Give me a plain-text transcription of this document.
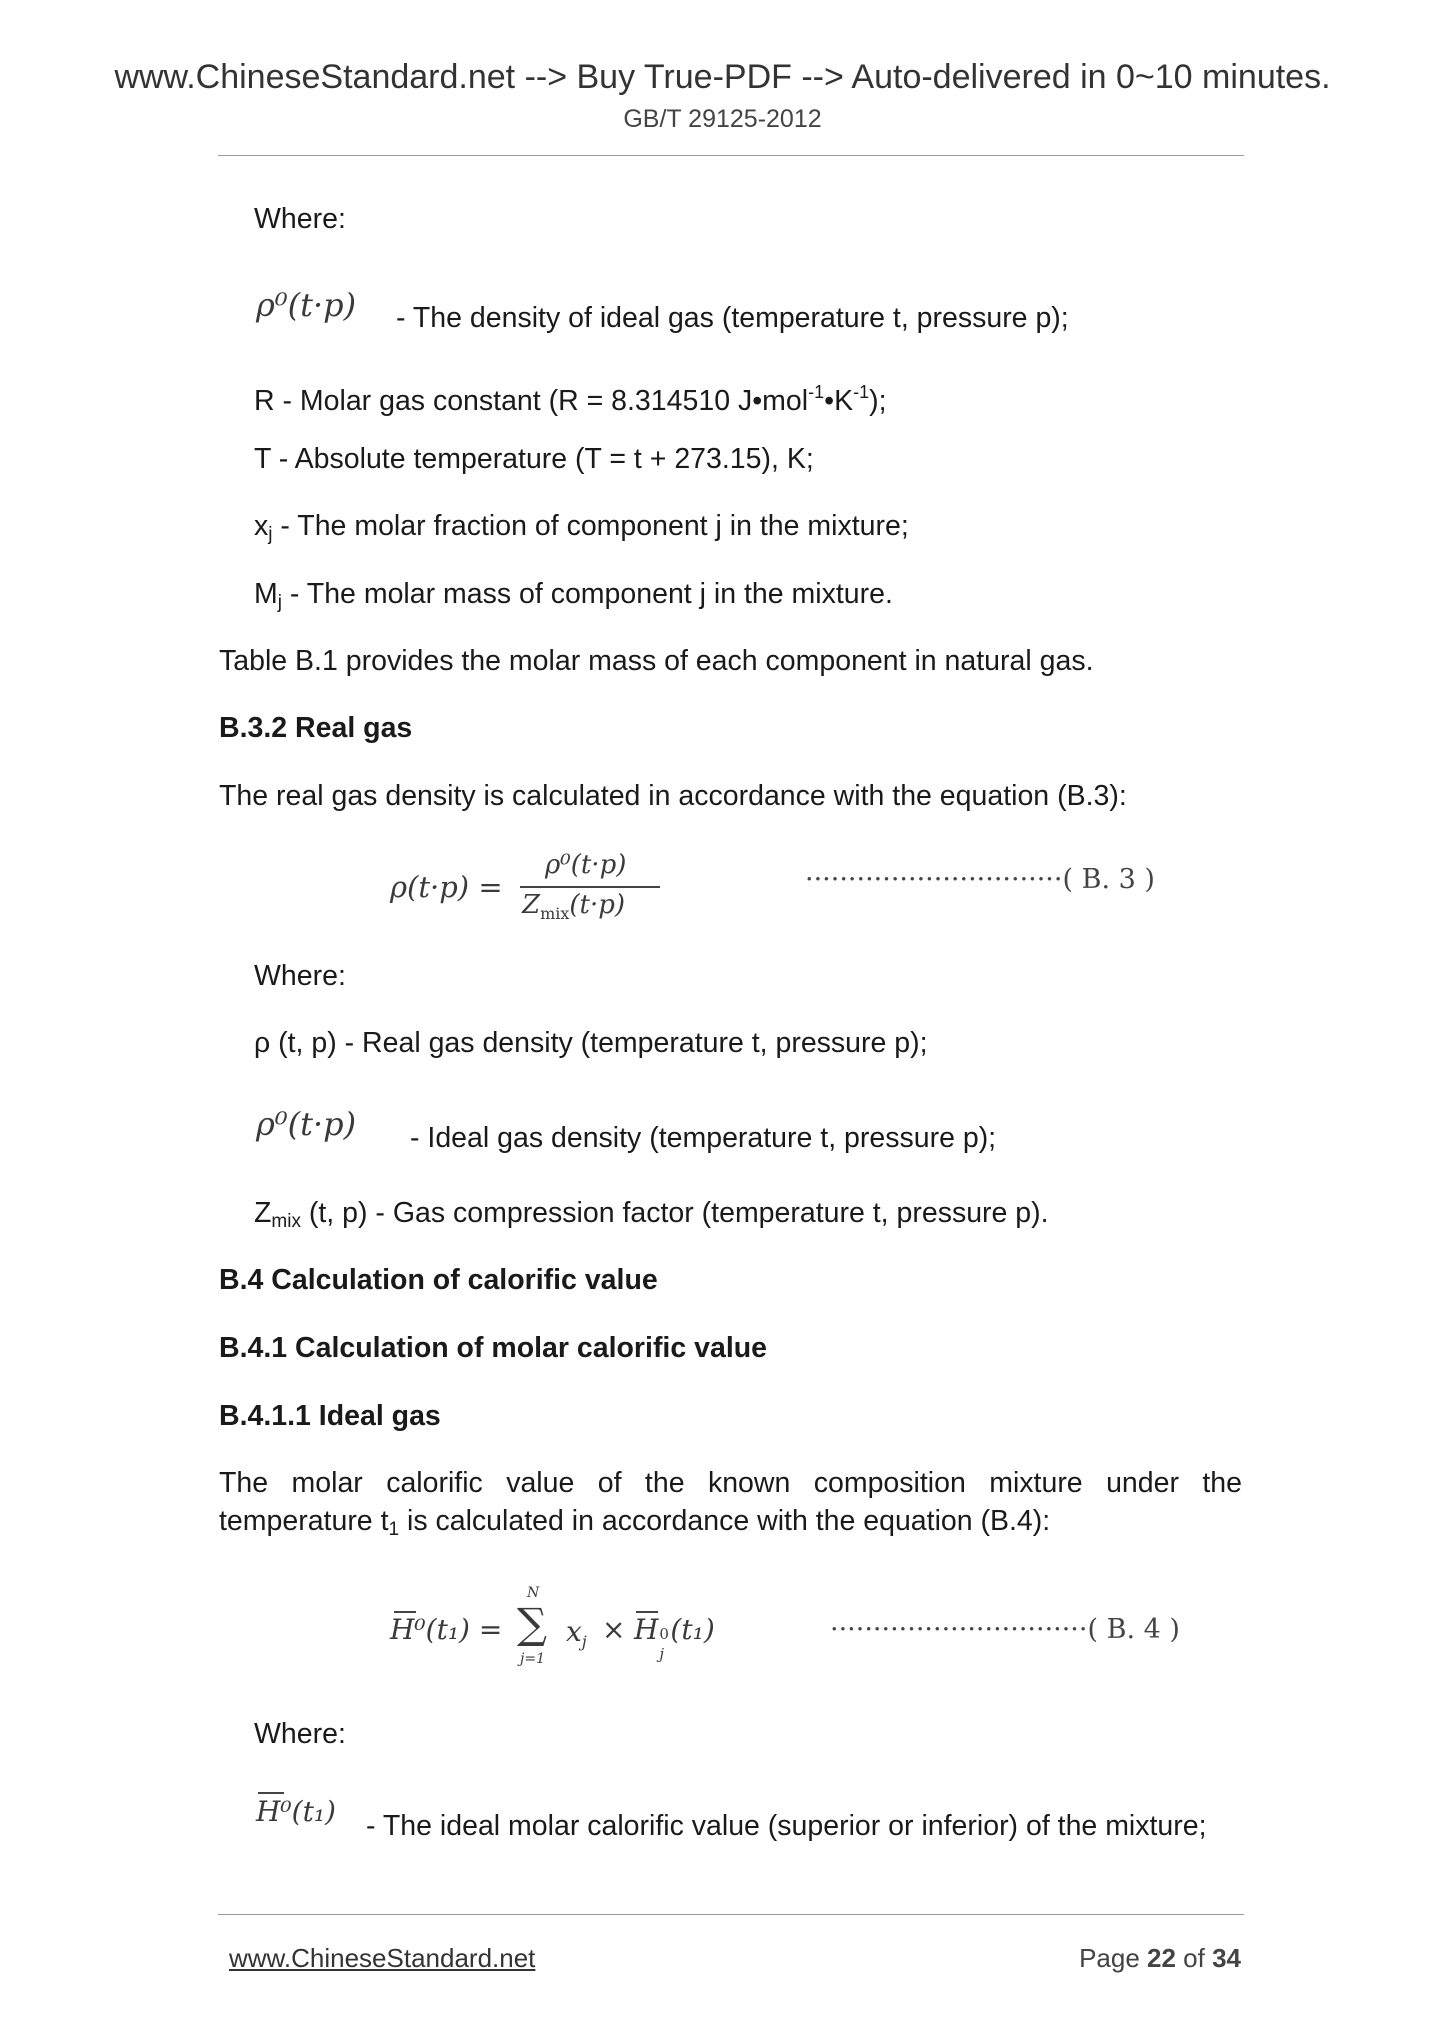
www.ChineseStandard.net --> Buy True-PDF --> Auto-delivered in 0~10 minutes.
GB/T 29125-2012
Where:
ρ⁰(t·p) - The density of ideal gas (temperature t, pressure p);
R - Molar gas constant (R = 8.314510 $J•mol^{-1}•K^{-1}$);
T - Absolute temperature (T = t + 273.15), K;
$x_j$ - The molar fraction of component j in the mixture;
$M_j$ - The molar mass of component j in the mixture.
Table B.1 provides the molar mass of each component in natural gas.
B.3.2 Real gas
The real gas density is calculated in accordance with the equation (B.3):
ρ(t·p) =
ρ⁰(t·p)
$Z_{mix}(t\cdot p)$
······························( B. 3 )
Where:
ρ (t, p) - Real gas density (temperature t, pressure p);
ρ⁰(t·p) - Ideal gas density (temperature t, pressure p);
$Z_{mix}$ (t, p) - Gas compression factor (temperature t, pressure p).
B.4 Calculation of calorific value
B.4.1 Calculation of molar calorific value
B.4.1.1 Ideal gas
The molar calorific value of the known composition mixture under the
temperature $t_1$ is calculated in accordance with the equation (B.4):
H⁰(t₁) =
N
∑
j=1
$x_j \times H$ 0
j
(t₁)	······························( B. 4 )
Where:
H⁰(t₁) - The ideal molar calorific value (superior or inferior) of the mixture;
www.ChineseStandard.net	Page 22 of 34
